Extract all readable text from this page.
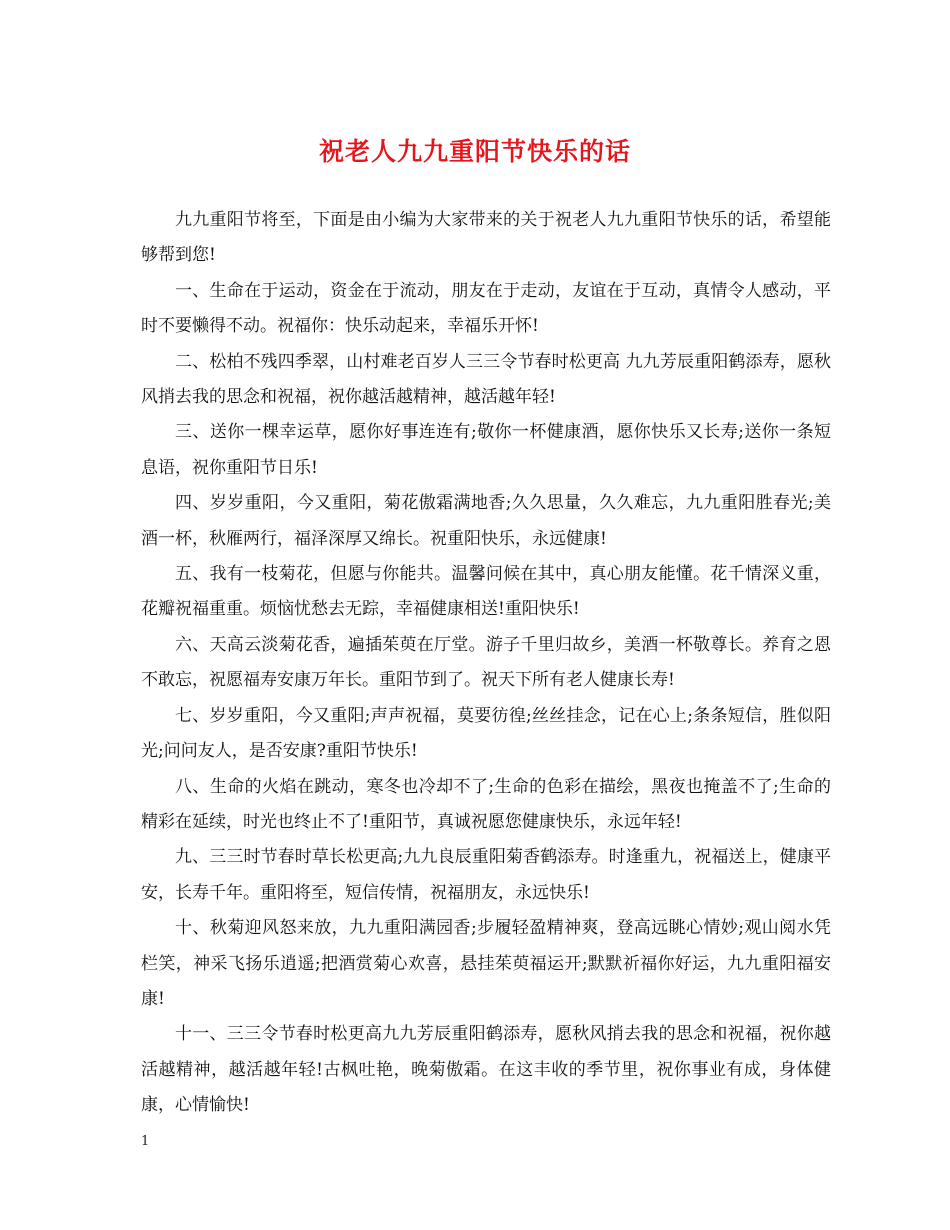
祝老人九九重阳节快乐的话

九九重阳节将至，下面是由小编为大家带来的关于祝老人九九重阳节快乐的话，希望能够帮到您!

一、生命在于运动，资金在于流动，朋友在于走动，友谊在于互动，真情令人感动，平时不要懒得不动。祝福你：快乐动起来，幸福乐开怀!

二、松柏不残四季翠，山村难老百岁人三三令节春时松更高 九九芳辰重阳鹤添寿，愿秋风捎去我的思念和祝福，祝你越活越精神，越活越年轻!

三、送你一棵幸运草，愿你好事连连有;敬你一杯健康酒，愿你快乐又长寿;送你一条短息语，祝你重阳节日乐!

四、岁岁重阳，今又重阳，菊花傲霜满地香;久久思量，久久难忘，九九重阳胜春光;美酒一杯，秋雁两行，福泽深厚又绵长。祝重阳快乐，永远健康!

五、我有一枝菊花，但愿与你能共。温馨问候在其中，真心朋友能懂。花千情深义重，花瓣祝福重重。烦恼忧愁去无踪，幸福健康相送!重阳快乐!

六、天高云淡菊花香，遍插茱萸在厅堂。游子千里归故乡，美酒一杯敬尊长。养育之恩不敢忘，祝愿福寿安康万年长。重阳节到了。祝天下所有老人健康长寿!

七、岁岁重阳，今又重阳;声声祝福，莫要彷徨;丝丝挂念，记在心上;条条短信，胜似阳光;问问友人，是否安康?重阳节快乐!

八、生命的火焰在跳动，寒冬也冷却不了;生命的色彩在描绘，黑夜也掩盖不了;生命的精彩在延续，时光也终止不了!重阳节，真诚祝愿您健康快乐，永远年轻!

九、三三时节春时草长松更高;九九良辰重阳菊香鹤添寿。时逢重九，祝福送上，健康平安，长寿千年。重阳将至，短信传情，祝福朋友，永远快乐!

十、秋菊迎风怒来放，九九重阳满园香;步履轻盈精神爽，登高远眺心情妙;观山阅水凭栏笑，神采飞扬乐逍遥;把酒赏菊心欢喜，悬挂茱萸福运开;默默祈福你好运，九九重阳福安康!

十一、三三令节春时松更高九九芳辰重阳鹤添寿，愿秋风捎去我的思念和祝福，祝你越活越精神，越活越年轻!古枫吐艳，晚菊傲霜。在这丰收的季节里，祝你事业有成，身体健康，心情愉快!

1
